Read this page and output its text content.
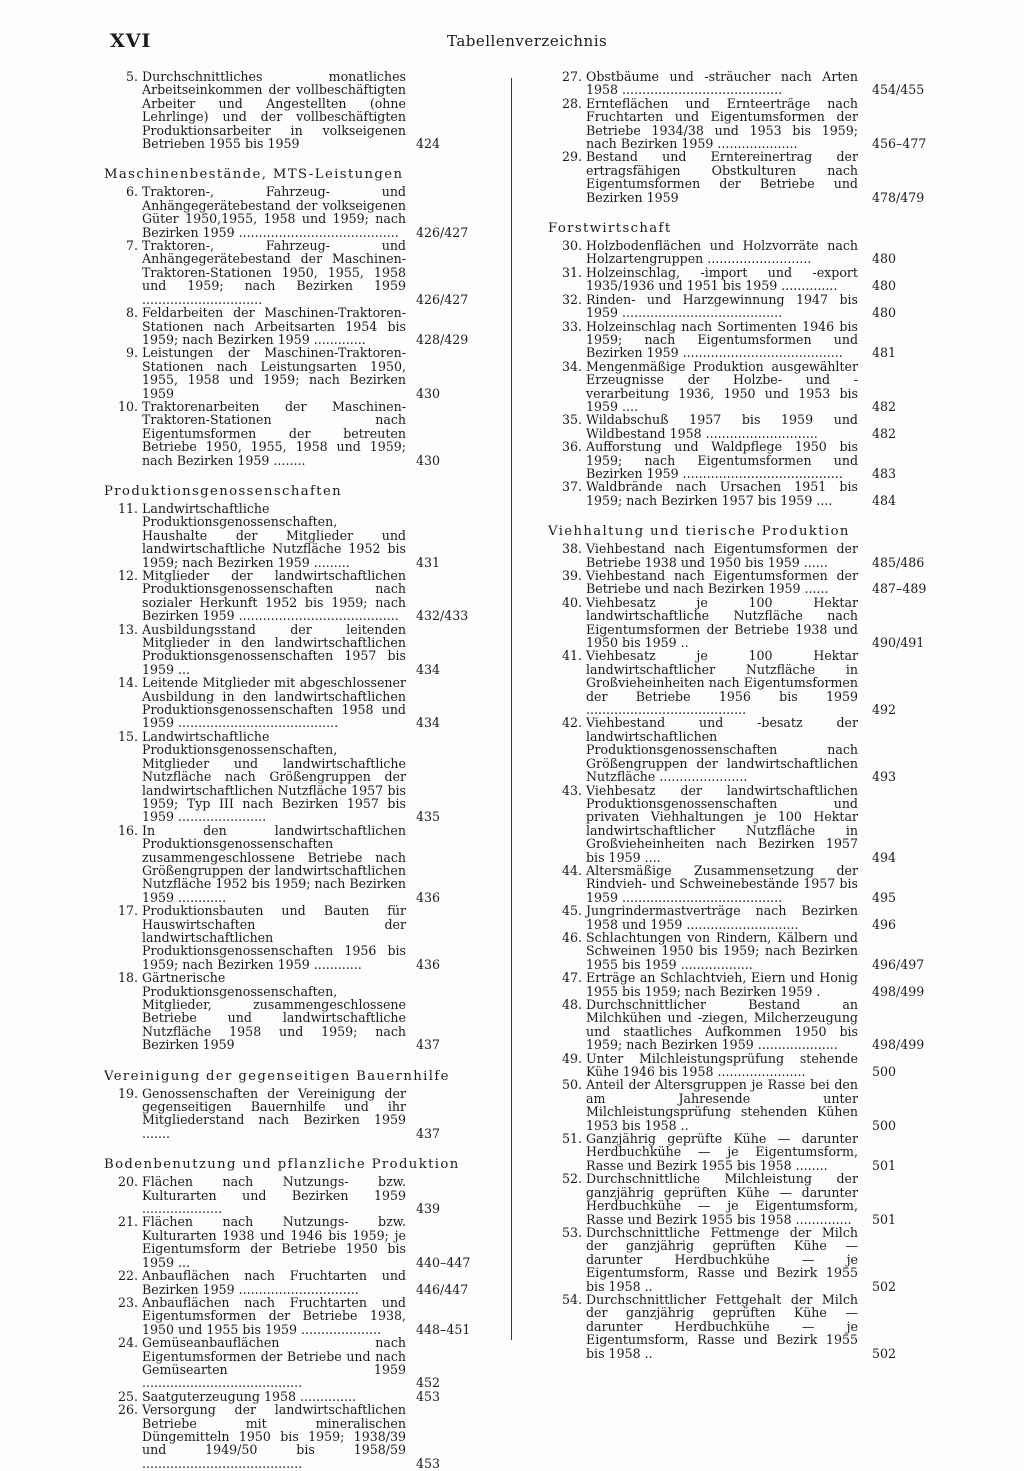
XVI	Tabellenverzeichnis
5. Durchschnittliches monatliches Arbeitseinkommen der vollbeschäftigten Arbeiter und Angestellten (ohne Lehrlinge) und der vollbeschäftigten Produktionsarbeiter in volkseigenen Betrieben 1955 bis 1959	424
Maschinenbestände, MTS-Leistungen
6. Traktoren-, Fahrzeug- und Anhängegerätebestand der volkseigenen Güter 1950,1955, 1958 und 1959; nach Bezirken 1959 ........................................	426/427
7. Traktoren-, Fahrzeug- und Anhängegerätebestand der Maschinen-Traktoren-Stationen 1950, 1955, 1958 und 1959; nach Bezirken 1959 ..............................	426/427
8. Feldarbeiten der Maschinen-Traktoren-Stationen nach Arbeitsarten 1954 bis 1959; nach Bezirken 1959 .............	428/429
9. Leistungen der Maschinen-Traktoren-Stationen nach Leistungsarten 1950, 1955, 1958 und 1959; nach Bezirken 1959	430
10. Traktorenarbeiten der Maschinen-Traktoren-Stationen nach Eigentumsformen der betreuten Betriebe 1950, 1955, 1958 und 1959; nach Bezirken 1959 ........	430
Produktionsgenossenschaften
11. Landwirtschaftliche Produktionsgenossenschaften, Haushalte der Mitglieder und landwirtschaftliche Nutzfläche 1952 bis 1959; nach Bezirken 1959 .........	431
12. Mitglieder der landwirtschaftlichen Produktionsgenossenschaften nach sozialer Herkunft 1952 bis 1959; nach Bezirken 1959 ........................................	432/433
13. Ausbildungsstand der leitenden Mitglieder in den landwirtschaftlichen Produktionsgenossenschaften 1957 bis 1959 ...	434
14. Leitende Mitglieder mit abgeschlossener Ausbildung in den landwirtschaftlichen Produktionsgenossenschaften 1958 und 1959 ........................................	434
15. Landwirtschaftliche Produktionsgenossenschaften, Mitglieder und landwirtschaftliche Nutzfläche nach Größengruppen der landwirtschaftlichen Nutzfläche 1957 bis 1959; Typ III nach Bezirken 1957 bis 1959 ......................	435
16. In den landwirtschaftlichen Produktionsgenossenschaften zusammengeschlossene Betriebe nach Größengruppen der landwirtschaftlichen Nutzfläche 1952 bis 1959; nach Bezirken 1959 ............	436
17. Produktionsbauten und Bauten für Hauswirtschaften der landwirtschaftlichen Produktionsgenossenschaften 1956 bis 1959; nach Bezirken 1959 ............	436
18. Gärtnerische Produktionsgenossenschaften, Mitglieder, zusammengeschlossene Betriebe und landwirtschaftliche Nutzfläche 1958 und 1959; nach Bezirken 1959	437
Vereinigung der gegenseitigen Bauernhilfe
19. Genossenschaften der Vereinigung der gegenseitigen Bauernhilfe und ihr Mitgliederstand nach Bezirken 1959 .......	437
Bodenbenutzung und pflanzliche Produktion
20. Flächen nach Nutzungs- bzw. Kulturarten und Bezirken 1959 ....................	439
21. Flächen nach Nutzungs- bzw. Kulturarten 1938 und 1946 bis 1959; je Eigentumsform der Betriebe 1950 bis 1959 ...	440–447
22. Anbauflächen nach Fruchtarten und Bezirken 1959 ..............................	446/447
23. Anbauflächen nach Fruchtarten und Eigentumsformen der Betriebe 1938, 1950 und 1955 bis 1959 ....................	448–451
24. Gemüseanbauflächen nach Eigentumsformen der Betriebe und nach Gemüsearten 1959 ........................................	452
25. Saatguterzeugung 1958 ..............	453
26. Versorgung der landwirtschaftlichen Betriebe mit mineralischen Düngemitteln 1950 bis 1959; 1938/39 und 1949/50 bis 1958/59 ........................................	453
27. Obstbäume und -sträucher nach Arten 1958 ........................................	454/455
28. Ernteflächen und Ernteerträge nach Fruchtarten und Eigentumsformen der Betriebe 1934/38 und 1953 bis 1959; nach Bezirken 1959 ....................	456–477
29. Bestand und Erntereinertrag der ertragsfähigen Obstkulturen nach Eigentumsformen der Betriebe und Bezirken 1959	478/479
Forstwirtschaft
30. Holzbodenflächen und Holzvorräte nach Holzartengruppen ..........................	480
31. Holzeinschlag, -import und -export 1935/1936 und 1951 bis 1959 ..............	480
32. Rinden- und Harzgewinnung 1947 bis 1959 ........................................	480
33. Holzeinschlag nach Sortimenten 1946 bis 1959; nach Eigentumsformen und Bezirken 1959 ........................................	481
34. Mengenmäßige Produktion ausgewählter Erzeugnisse der Holzbe- und -verarbeitung 1936, 1950 und 1953 bis 1959 ....	482
35. Wildabschuß 1957 bis 1959 und Wildbestand 1958 ............................	482
36. Aufforstung und Waldpflege 1950 bis 1959; nach Eigentumsformen und Bezirken 1959 ........................................	483
37. Waldbrände nach Ursachen 1951 bis 1959; nach Bezirken 1957 bis 1959 ....	484
Viehhaltung und tierische Produktion
38. Viehbestand nach Eigentumsformen der Betriebe 1938 und 1950 bis 1959 ......	485/486
39. Viehbestand nach Eigentumsformen der Betriebe und nach Bezirken 1959 ......	487–489
40. Viehbesatz je 100 Hektar landwirtschaftliche Nutzfläche nach Eigentumsformen der Betriebe 1938 und 1950 bis 1959 ..	490/491
41. Viehbesatz je 100 Hektar landwirtschaftlicher Nutzfläche in Großvieheinheiten nach Eigentumsformen der Betriebe 1956 bis 1959 ........................................	492
42. Viehbestand und -besatz der landwirtschaftlichen Produktionsgenossenschaften nach Größengruppen der landwirtschaftlichen Nutzfläche ......................	493
43. Viehbesatz der landwirtschaftlichen Produktionsgenossenschaften und privaten Viehhaltungen je 100 Hektar landwirtschaftlicher Nutzfläche in Großvieheinheiten nach Bezirken 1957 bis 1959 ....	494
44. Altersmäßige Zusammensetzung der Rindvieh- und Schweinebestände 1957 bis 1959 ........................................	495
45. Jungrindermastverträge nach Bezirken 1958 und 1959 ............................	496
46. Schlachtungen von Rindern, Kälbern und Schweinen 1950 bis 1959; nach Bezirken 1955 bis 1959 ..................	496/497
47. Erträge an Schlachtvieh, Eiern und Honig 1955 bis 1959; nach Bezirken 1959 .	498/499
48. Durchschnittlicher Bestand an Milchkühen und -ziegen, Milcherzeugung und staatliches Aufkommen 1950 bis 1959; nach Bezirken 1959 ....................	498/499
49. Unter Milchleistungsprüfung stehende Kühe 1946 bis 1958 ......................	500
50. Anteil der Altersgruppen je Rasse bei den am Jahresende unter Milchleistungsprüfung stehenden Kühen 1953 bis 1958 ..	500
51. Ganzjährig geprüfte Kühe — darunter Herdbuchkühe — je Eigentumsform, Rasse und Bezirk 1955 bis 1958 ........	501
52. Durchschnittliche Milchleistung der ganzjährig geprüften Kühe — darunter Herdbuchkühe — je Eigentumsform, Rasse und Bezirk 1955 bis 1958 ..............	501
53. Durchschnittliche Fettmenge der Milch der ganzjährig geprüften Kühe — darunter Herdbuchkühe — je Eigentumsform, Rasse und Bezirk 1955 bis 1958 ..	502
54. Durchschnittlicher Fettgehalt der Milch der ganzjährig geprüften Kühe — darunter Herdbuchkühe — je Eigentumsform, Rasse und Bezirk 1955 bis 1958 ..	502
